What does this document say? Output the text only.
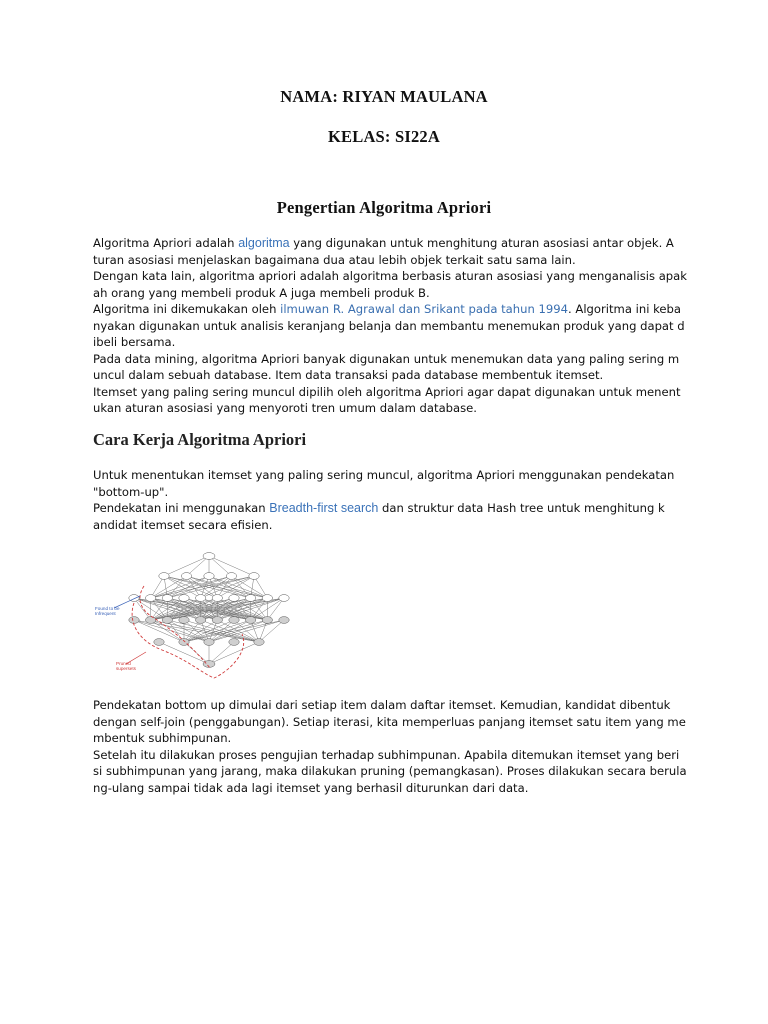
NAMA: RIYAN MAULANA
KELAS: SI22A
Pengertian Algoritma Apriori

Algoritma Apriori adalah algoritma yang digunakan untuk menghitung aturan asosiasi antar objek. A

turan asosiasi menjelaskan bagaimana dua atau lebih objek terkait satu sama lain.

Dengan kata lain, algoritma apriori adalah algoritma berbasis aturan asosiasi yang menganalisis apak

ah orang yang membeli produk A juga membeli produk B.

Algoritma ini dikemukakan oleh ilmuwan R. Agrawal dan Srikant pada tahun 1994. Algoritma ini keba

nyakan digunakan untuk analisis keranjang belanja dan membantu menemukan produk yang dapat d

ibeli bersama.

Pada data mining, algoritma Apriori banyak digunakan untuk menemukan data yang paling sering m

uncul dalam sebuah database. Item data transaksi pada database membentuk itemset.

Itemset yang paling sering muncul dipilih oleh algoritma Apriori agar dapat digunakan untuk menent

ukan aturan asosiasi yang menyoroti tren umum dalam database.

Cara Kerja Algoritma Apriori

Untuk menentukan itemset yang paling sering muncul, algoritma Apriori menggunakan pendekatan

"bottom-up".

Pendekatan ini menggunakan Breadth-first search dan struktur data Hash tree untuk menghitung k

andidat itemset secara efisien.

Found to be Infrequent
Pruned supersets

Pendekatan bottom up dimulai dari setiap item dalam daftar itemset. Kemudian, kandidat dibentuk

dengan self-join (penggabungan). Setiap iterasi, kita memperluas panjang itemset satu item yang me

mbentuk subhimpunan.

Setelah itu dilakukan proses pengujian terhadap subhimpunan. Apabila ditemukan itemset yang beri

si subhimpunan yang jarang, maka dilakukan pruning (pemangkasan). Proses dilakukan secara berula

ng-ulang sampai tidak ada lagi itemset yang berhasil diturunkan dari data.
